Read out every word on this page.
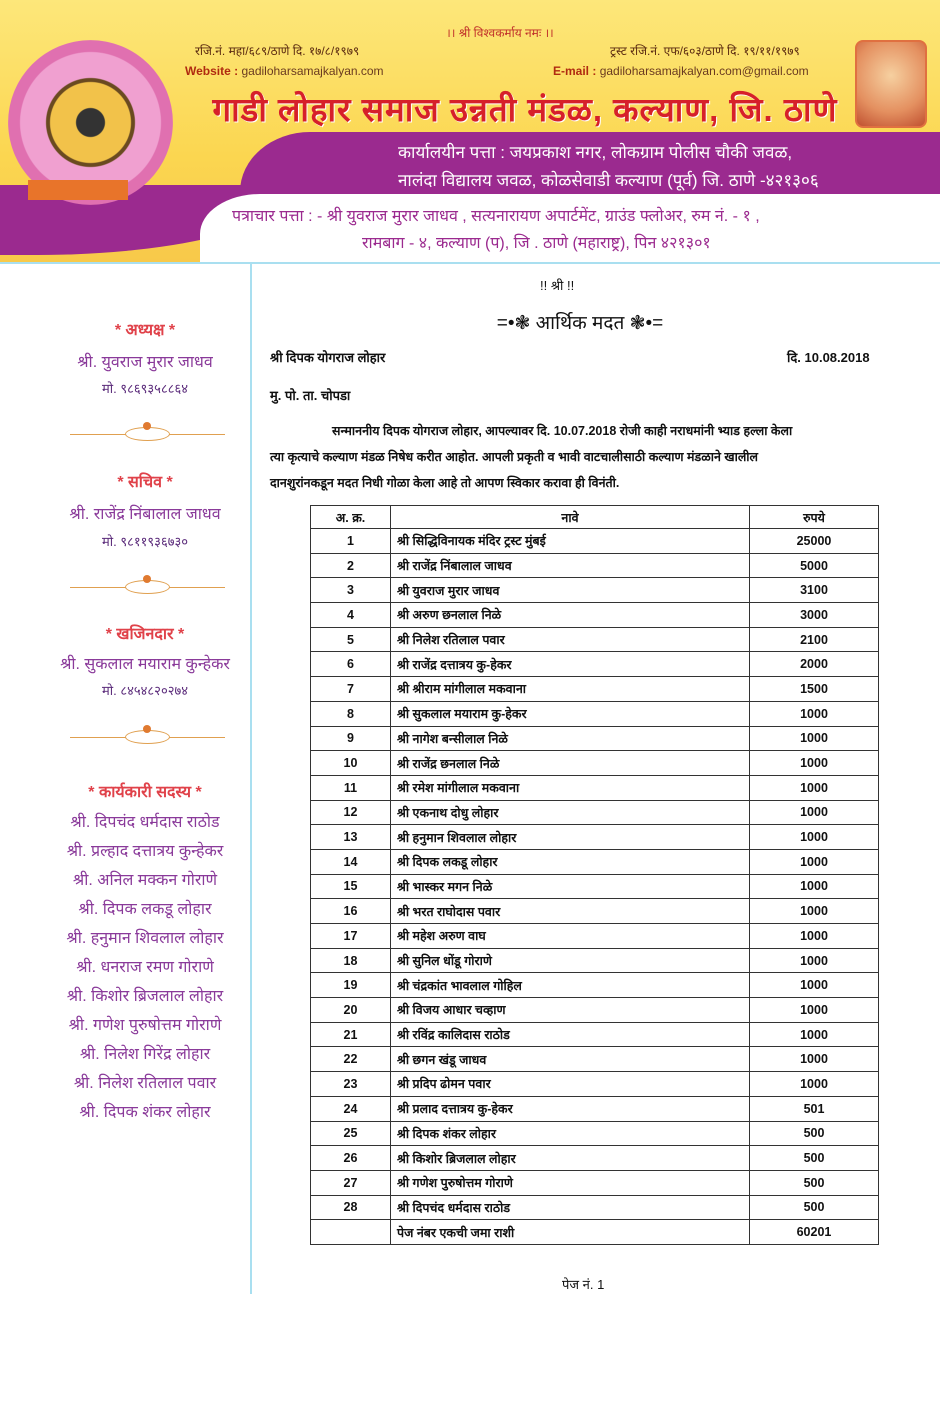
।। श्री विश्वकर्माय नमः ।।
रजि.नं. महा/६८९/ठाणे दि. १७/८/१९७९	ट्रस्ट रजि.नं. एफ/६०३/ठाणे दि. १९/११/१९७९
Website : gadiloharsamajkalyan.com	E-mail : gadiloharsamajkalyan.com@gmail.com
गाडी लोहार समाज उन्नती मंडळ, कल्याण, जि. ठाणे
कार्यालयीन पत्ता : जयप्रकाश नगर, लोकग्राम पोलीस चौकी जवळ,
नालंदा विद्यालय जवळ, कोळसेवाडी कल्याण (पूर्व) जि. ठाणे -४२१३०६
पत्राचार पत्ता : - श्री युवराज मुरार जाधव , सत्यनारायण अपार्टमेंट, ग्राउंड फ्लोअर, रुम नं. - १ ,
रामबाग - ४, कल्याण (प), जि . ठाणे (महाराष्ट्र), पिन ४२१३०१
* अध्यक्ष *
श्री. युवराज मुरार जाधव
मो. ९८६९३५८८६४
* सचिव *
श्री. राजेंद्र निंबालाल जाधव
मो. ९८११९३६७३०
* खजिनदार *
श्री. सुकलाल मयाराम कुन्हेकर
मो. ८४५४८२०२७४
* कार्यकारी सदस्य *
श्री. दिपचंद धर्मदास राठोड
श्री. प्रल्हाद दत्तात्रय कुन्हेकर
श्री. अनिल मक्कन गोराणे
श्री. दिपक लकडू लोहार
श्री. हनुमान शिवलाल लोहार
श्री. धनराज रमण गोराणे
श्री. किशोर ब्रिजलाल लोहार
श्री. गणेश पुरुषोत्तम गोराणे
श्री. निलेश गिरेंद्र लोहार
श्री. निलेश रतिलाल पवार
श्री. दिपक शंकर लोहार
!! श्री !!
=•❃ आर्थिक मदत ❃•=
श्री दिपक योगराज लोहार	दि. 10.08.2018
मु. पो. ता. चोपडा
सन्माननीय दिपक योगराज लोहार, आपल्यावर दि. 10.07.2018 रोजी काही नराधमांनी भ्याड हल्ला केला
त्या कृत्याचे कल्याण मंडळ निषेध करीत आहोत. आपली प्रकृती व भावी वाटचालीसाठी कल्याण मंडळाने खालील
दानशुरांनकडून मदत निधी गोळा केला आहे तो आपण स्विकार करावा ही विनंती.
अ. क्र.	नावे	रुपये
1	श्री सिद्धिविनायक मंदिर ट्रस्ट मुंबई	25000
2	श्री राजेंद्र निंबालाल जाधव	5000
3	श्री युवराज मुरार जाधव	3100
4	श्री अरुण छनलाल निळे	3000
5	श्री निलेश रतिलाल पवार	2100
6	श्री राजेंद्र दत्तात्रय कु-हेकर	2000
7	श्री श्रीराम मांगीलाल मकवाना	1500
8	श्री सुकलाल मयाराम कु-हेकर	1000
9	श्री नागेश बन्सीलाल निळे	1000
10	श्री राजेंद्र छनलाल निळे	1000
11	श्री रमेश मांगीलाल मकवाना	1000
12	श्री एकनाथ दोधु लोहार	1000
13	श्री हनुमान शिवलाल लोहार	1000
14	श्री दिपक लकडू लोहार	1000
15	श्री भास्कर मगन निळे	1000
16	श्री भरत राघोदास पवार	1000
17	श्री महेश अरुण वाघ	1000
18	श्री सुनिल धोंडू गोराणे	1000
19	श्री चंद्रकांत भावलाल गोहिल	1000
20	श्री विजय आधार चव्हाण	1000
21	श्री रविंद्र कालिदास राठोड	1000
22	श्री छगन खंडू जाधव	1000
23	श्री प्रदिप ढोमन पवार	1000
24	श्री प्रलाद दत्तात्रय कु-हेकर	501
25	श्री दिपक शंकर लोहार	500
26	श्री किशोर ब्रिजलाल लोहार	500
27	श्री गणेश पुरुषोत्तम गोराणे	500
28	श्री दिपचंद धर्मदास राठोड	500
	पेज नंबर एकची जमा राशी	60201
पेज नं. 1
